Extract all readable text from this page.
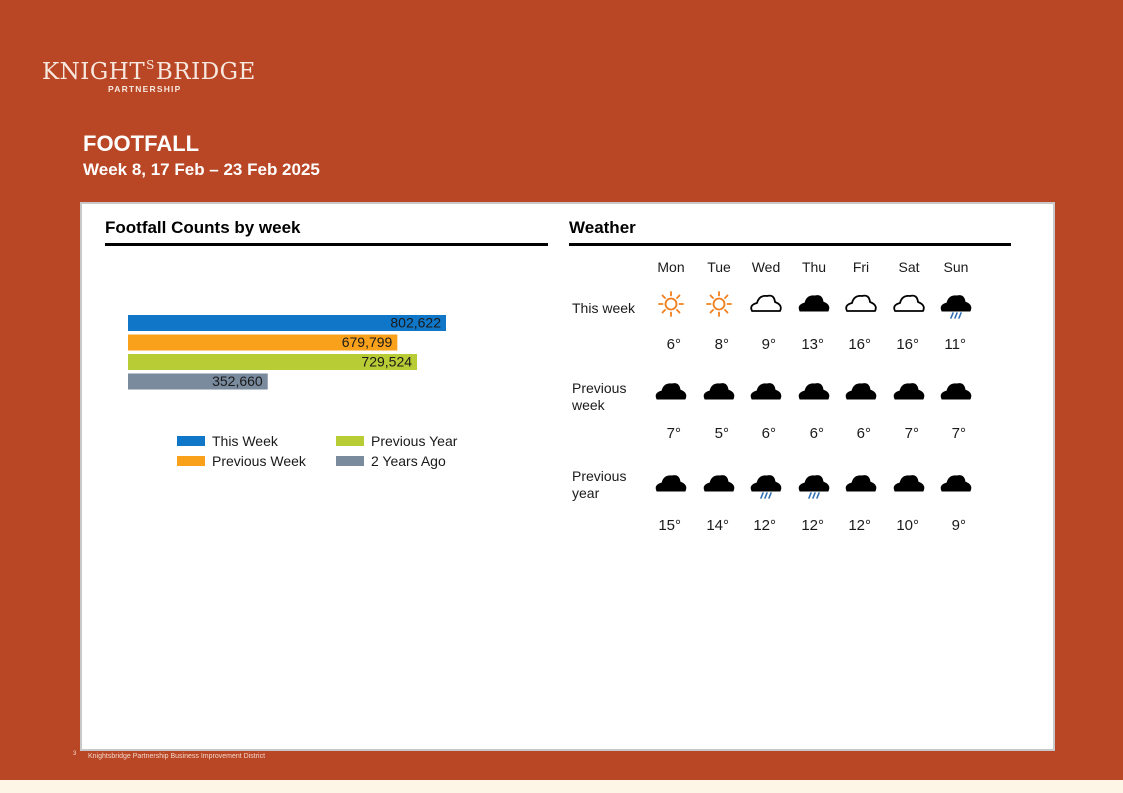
$KNIGHT^SBRIDGE$
PARTNERSHIP
FOOTFALL
Week 8, 17 Feb – 23 Feb 2025
Footfall Counts by week
802,622
679,799
729,524
352,660
This Week	Previous Year
Previous Week	2 Years Ago
Weather
Mon Tue Wed Thu Fri Sat Sun
This week
6° 8° 9° 13° 16° 16° 11°
Previous
week
7° 5° 6° 6° 6° 7° 7°
Previous
year
15° 14° 12° 12° 12° 10° 9°
3 Knightsbridge Partnership Business Improvement District
